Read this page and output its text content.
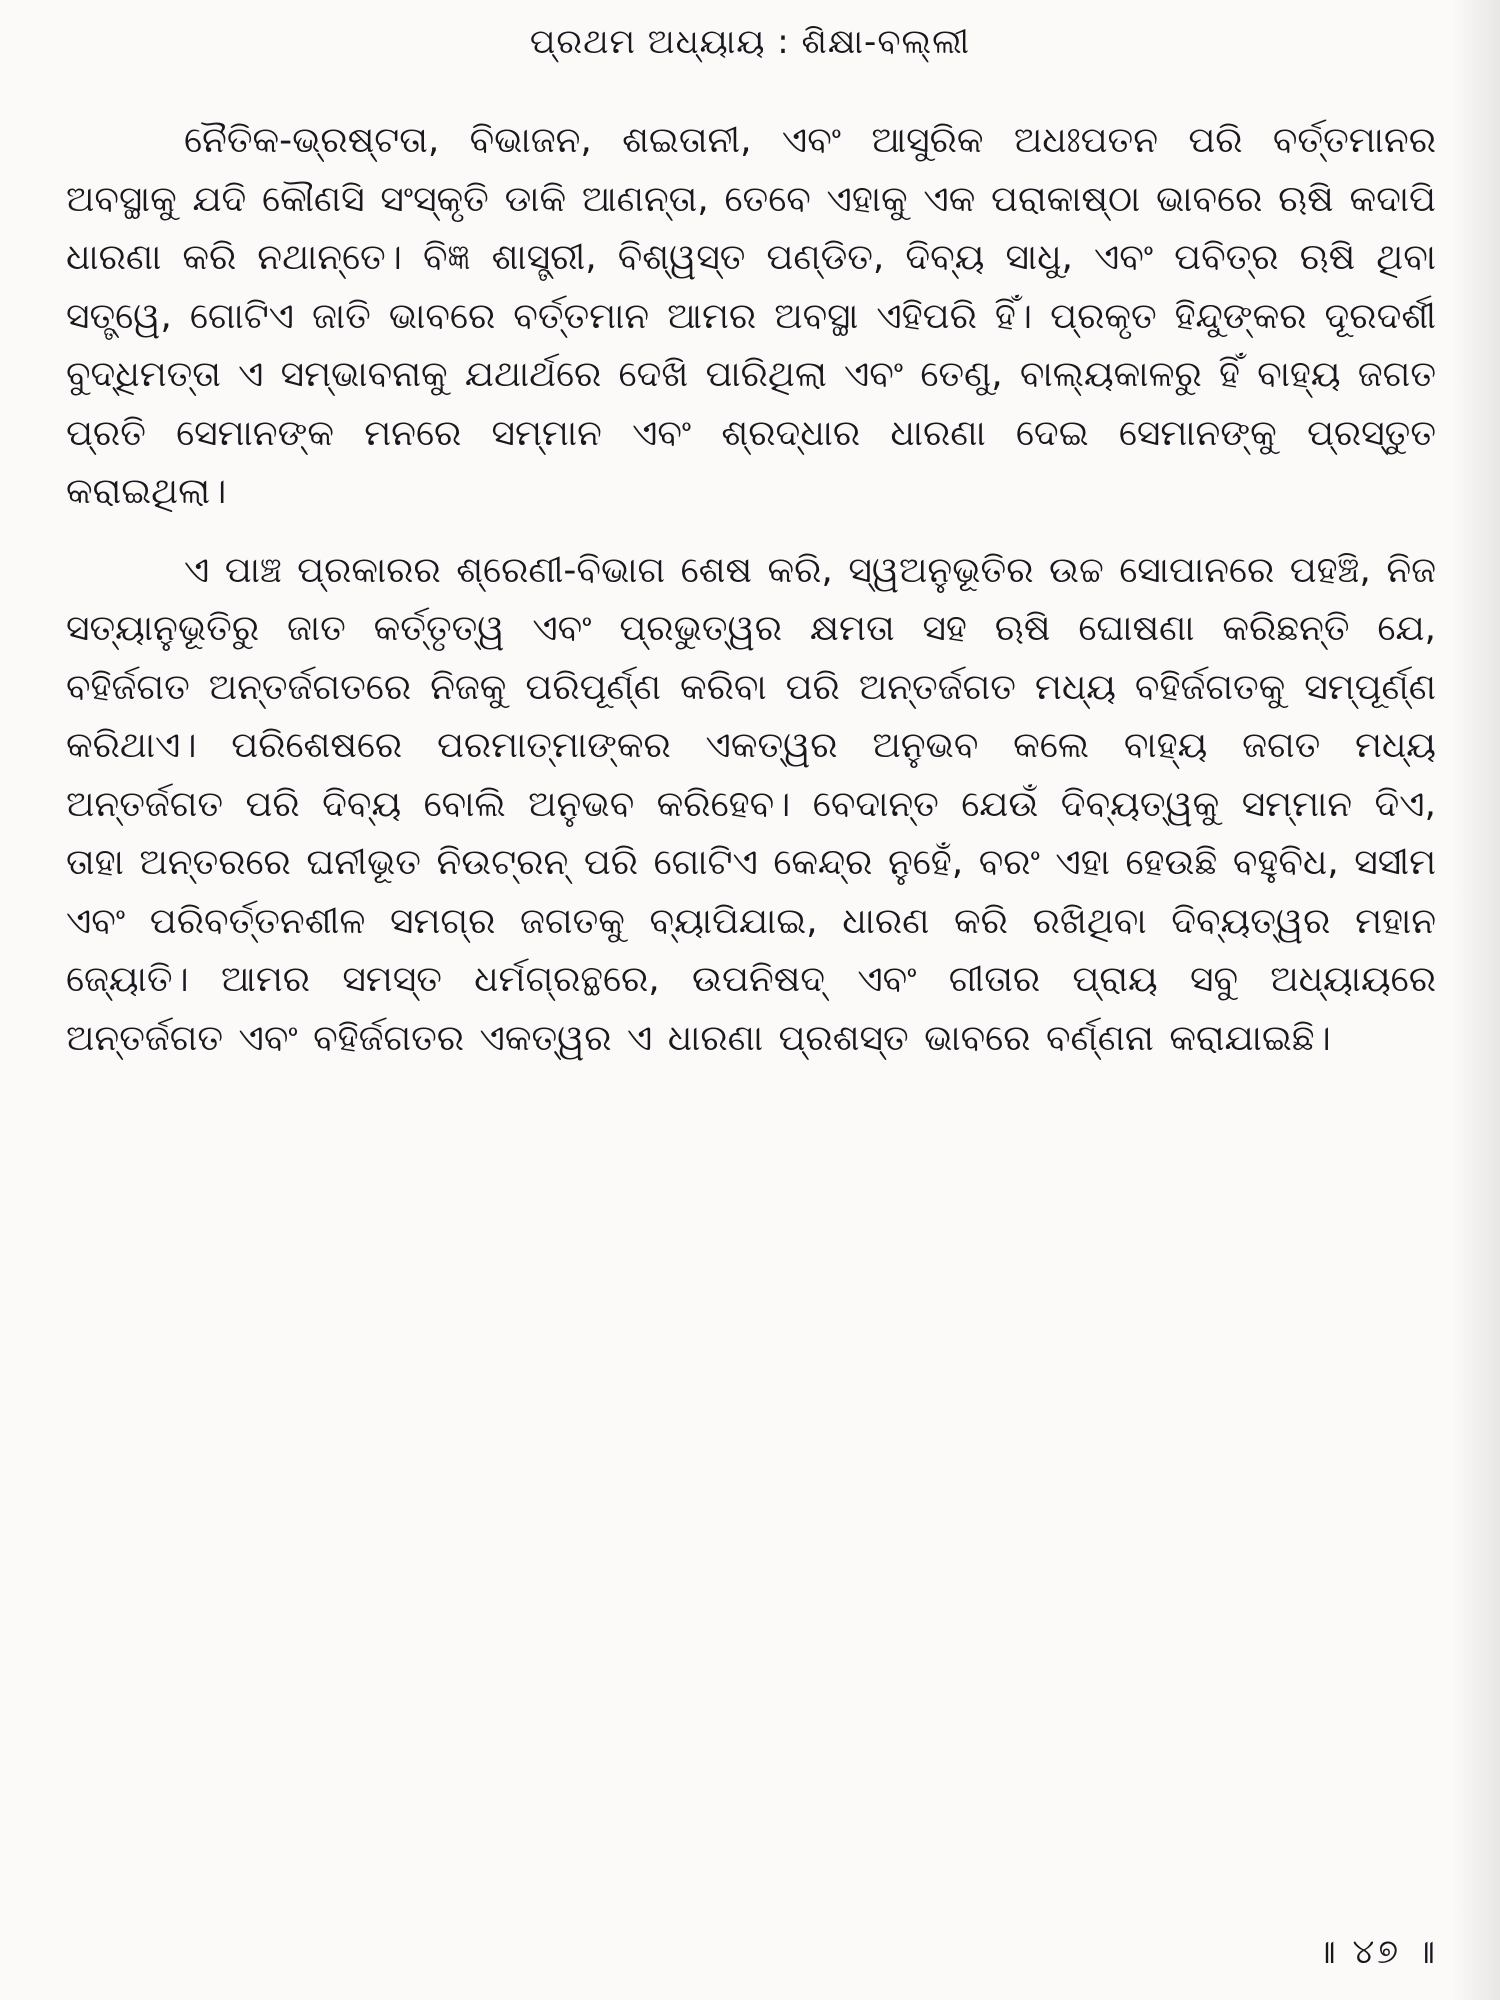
ପ୍ରଥମ ଅଧ୍ୟାୟ : ଶିକ୍ଷା-ବଲ୍ଲୀ

ନୈତିକ-ଭ୍ରଷ୍ଟତା, ବିଭାଜନ, ଶଇତାନୀ, ଏବଂ ଆସୁରିକ ଅଧଃପତନ ପରି ବର୍ତ୍ତମାନର ଅବସ୍ଥାକୁ ଯଦି କୌଣସି ସଂସ୍କୃତି ଡାକି ଆଣନ୍ତା, ତେବେ ଏହାକୁ ଏକ ପରାକାଷ୍ଠା ଭାବରେ ଋଷି କଦାପି ଧାରଣା କରି ନଥାନ୍ତେ। ବିଜ୍ଞ ଶାସ୍ତ୍ରୀ, ବିଶ୍ୱସ୍ତ ପଣ୍ଡିତ, ଦିବ୍ୟ ସାଧୁ, ଏବଂ ପବିତ୍ର ଋଷି ଥିବା ସତ୍ତ୍ୱେ, ଗୋଟିଏ ଜାତି ଭାବରେ ବର୍ତ୍ତମାନ ଆମର ଅବସ୍ଥା ଏହିପରି ହିଁ। ପ୍ରକୃତ ହିନ୍ଦୁଙ୍କର ଦୂରଦର୍ଶୀ ବୁଦ୍ଧିମତ୍ତା ଏ ସମ୍ଭାବନାକୁ ଯଥାର୍ଥରେ ଦେଖି ପାରିଥିଲା ଏବଂ ତେଣୁ, ବାଲ୍ୟକାଳରୁ ହିଁ ବାହ୍ୟ ଜଗତ ପ୍ରତି ସେମାନଙ୍କ ମନରେ ସମ୍ମାନ ଏବଂ ଶ୍ରଦ୍ଧାର ଧାରଣା ଦେଇ ସେମାନଙ୍କୁ ପ୍ରସ୍ତୁତ କରାଇଥିଲା।

ଏ ପାଞ୍ଚ ପ୍ରକାରର ଶ୍ରେଣୀ-ବିଭାଗ ଶେଷ କରି, ସ୍ୱଅନୁଭୂତିର ଉଚ୍ଚ ସୋପାନରେ ପହଞ୍ଚି, ନିଜ ସତ୍ୟାନୁଭୂତିରୁ ଜାତ କର୍ତ୍ତୃତ୍ୱ ଏବଂ ପ୍ରଭୁତ୍ୱର କ୍ଷମତା ସହ ଋଷି ଘୋଷଣା କରିଛନ୍ତି ଯେ, ବହିର୍ଜଗତ ଅନ୍ତର୍ଜଗତରେ ନିଜକୁ ପରିପୂର୍ଣ୍ଣ କରିବା ପରି ଅନ୍ତର୍ଜଗତ ମଧ୍ୟ ବହିର୍ଜଗତକୁ ସମ୍ପୂର୍ଣ୍ଣ କରିଥାଏ। ପରିଶେଷରେ ପରମାତ୍ମାଙ୍କର ଏକତ୍ୱର ଅନୁଭବ କଲେ ବାହ୍ୟ ଜଗତ ମଧ୍ୟ ଅନ୍ତର୍ଜଗତ ପରି ଦିବ୍ୟ ବୋଲି ଅନୁଭବ କରିହେବ। ବେଦାନ୍ତ ଯେଉଁ ଦିବ୍ୟତ୍ୱକୁ ସମ୍ମାନ ଦିଏ, ତାହା ଅନ୍ତରରେ ଘନୀଭୂତ ନିଉଟ୍ରନ୍ ପରି ଗୋଟିଏ କେନ୍ଦ୍ର ନୁହେଁ, ବରଂ ଏହା ହେଉଛି ବହୁବିଧ, ସସୀମ ଏବଂ ପରିବର୍ତ୍ତନଶୀଳ ସମଗ୍ର ଜଗତକୁ ବ୍ୟାପିଯାଇ, ଧାରଣ କରି ରଖିଥିବା ଦିବ୍ୟତ୍ୱର ମହାନ ଜ୍ୟୋତି। ଆମର ସମସ୍ତ ଧର୍ମଗ୍ରନ୍ଥରେ, ଉପନିଷଦ୍ ଏବଂ ଗୀତାର ପ୍ରାୟ ସବୁ ଅଧ୍ୟାୟରେ ଅନ୍ତର୍ଜଗତ ଏବଂ ବହିର୍ଜଗତର ଏକତ୍ୱର ଏ ଧାରଣା ପ୍ରଶସ୍ତ ଭାବରେ ବର୍ଣ୍ଣନା କରାଯାଇଛି।

॥ ୪୭ ॥
